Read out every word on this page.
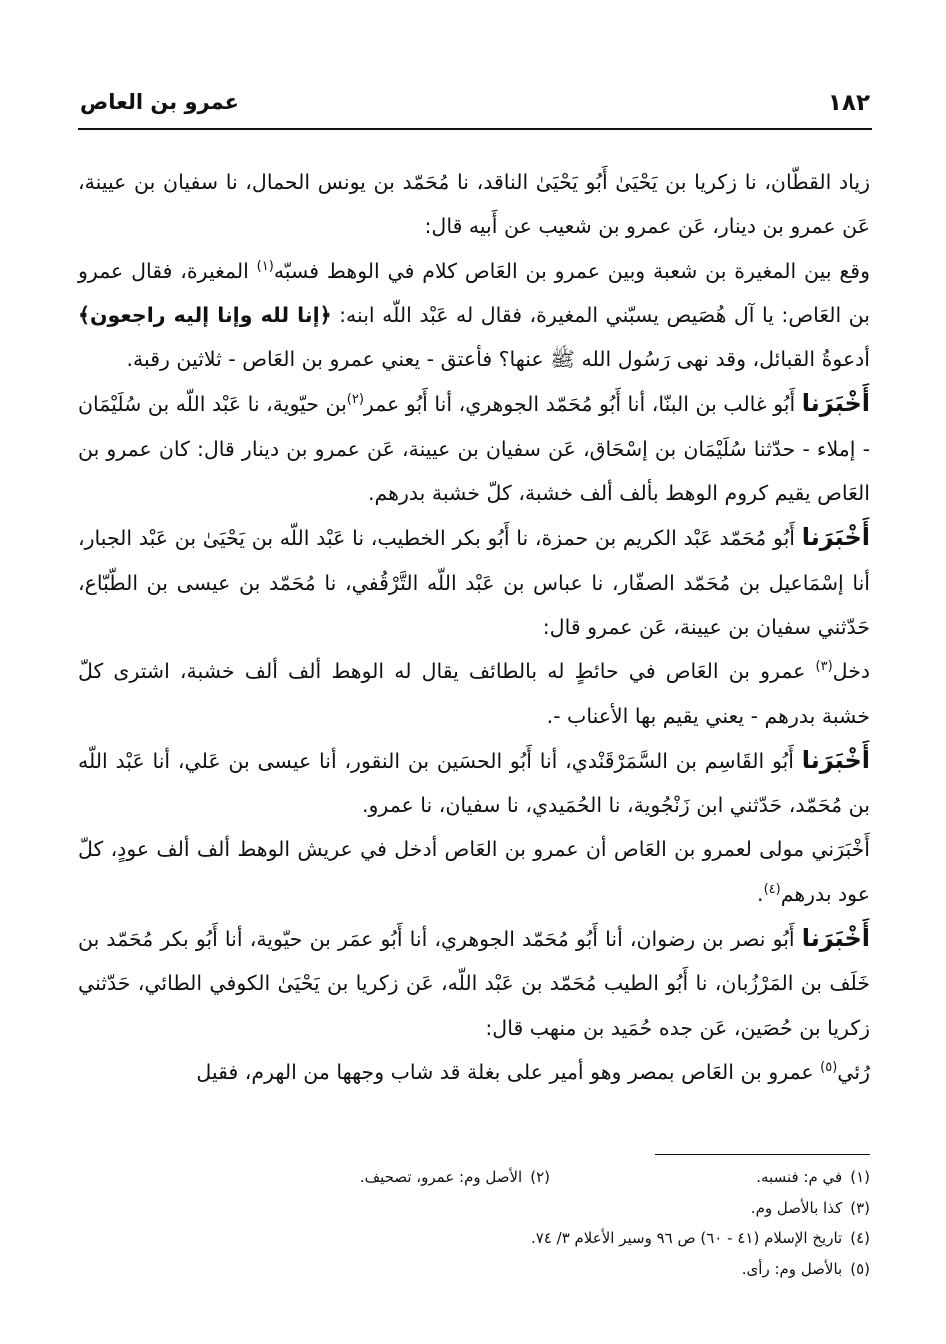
١٨٢
عمرو بن العاص

زياد القطّان، نا زكريا بن يَحْيَىٰ أَبُو يَحْيَىٰ الناقد، نا مُحَمّد بن يونس الحمال، نا سفيان بن عيينة، عَن عمرو بن دينار، عَن عمرو بن شعيب عن أَبيه قال:

وقع بين المغيرة بن شعبة وبين عمرو بن العَاص كلام في الوهط فسبّه$^{(١)}$ المغيرة، فقال عمرو بن العَاص: يا آل هُصَيص يسبّني المغيرة، فقال له عَبْد اللّه ابنه: ﴿إنا لله وإنا إليه راجعون﴾ أدعوةُ القبائل، وقد نهى رَسُول الله ﷺ عنها؟ فأعتق - يعني عمرو بن العَاص - ثلاثين رقبة.

أَخْبَرَنا أَبُو غالب بن البنّا، أنا أَبُو مُحَمّد الجوهري، أنا أَبُو عمر$^{(٢)}$بن حيّوية، نا عَبْد اللّه بن سُلَيْمَان - إملاء - حدّثنا سُلَيْمَان بن إسْحَاق، عَن سفيان بن عيينة، عَن عمرو بن دينار قال: كان عمرو بن العَاص يقيم كروم الوهط بألف ألف خشبة، كلّ خشبة بدرهم.

أَخْبَرَنا أَبُو مُحَمّد عَبْد الكريم بن حمزة، نا أَبُو بكر الخطيب، نا عَبْد اللّه بن يَحْيَىٰ بن عَبْد الجبار، أنا إسْمَاعيل بن مُحَمّد الصفّار، نا عباس بن عَبْد اللّه التَّرْقُفي، نا مُحَمّد بن عيسى بن الطّبّاع، حَدّثني سفيان بن عيينة، عَن عمرو قال:

دخل$^{(٣)}$ عمرو بن العَاص في حائطٍ له بالطائف يقال له الوهط ألف ألف خشبة، اشترى كلّ خشبة بدرهم - يعني يقيم بها الأعناب -.

أَخْبَرَنا أَبُو القَاسِم بن السَّمَرْقَنْدي، أنا أَبُو الحسَين بن النقور، أنا عيسى بن عَلي، أنا عَبْد اللّه بن مُحَمّد، حَدّثني ابن زَنْجُوية، نا الحُمَيدي، نا سفيان، نا عمرو.

أَخْبَرَني مولى لعمرو بن العَاص أن عمرو بن العَاص أدخل في عريش الوهط ألف ألف عودٍ، كلّ عود بدرهم$^{(٤)}$.

أَخْبَرَنا أَبُو نصر بن رضوان، أنا أَبُو مُحَمّد الجوهري، أنا أَبُو عمَر بن حيّوية، أنا أَبُو بكر مُحَمّد بن خَلَف بن المَرْزُبان، نا أَبُو الطيب مُحَمّد بن عَبْد اللّه، عَن زكريا بن يَحْيَىٰ الكوفي الطائي، حَدّثني زكريا بن حُصَين، عَن جده حُمَيد بن منهب قال:

رُئي$^{(٥)}$ عمرو بن العَاص بمصر وهو أمير على بغلة قد شاب وجهها من الهرم، فقيل

(١)في م: فنسبه.
(٢)الأصل وم: عمرو، تصحيف.
(٣)كذا بالأصل وم.
(٤)تاريخ الإسلام (٤١ - ٦٠) ص ٩٦ وسير الأعلام ٣/ ٧٤.
(٥)بالأصل وم: رأى.
